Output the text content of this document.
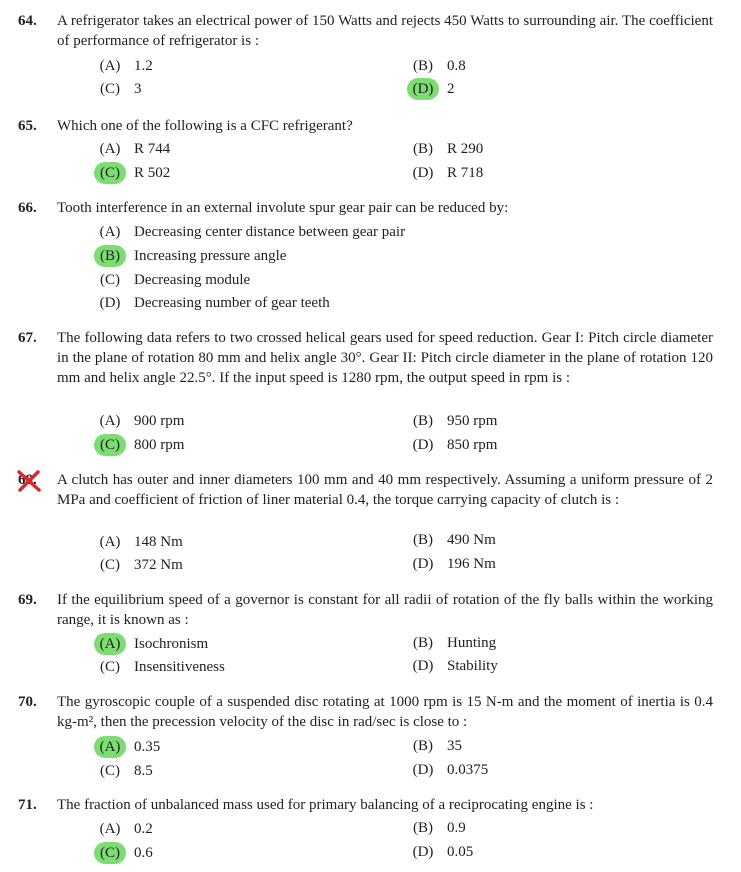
64. A refrigerator takes an electrical power of 150 Watts and rejects 450 Watts to surrounding air. The coefficient of performance of refrigerator is :
(A) 1.2	(B) 0.8
(C) 3	(D) 2
65. Which one of the following is a CFC refrigerant?
(A) R 744	(B) R 290
(C) R 502	(D) R 718
66. Tooth interference in an external involute spur gear pair can be reduced by:
(A) Decreasing center distance between gear pair
(B) Increasing pressure angle
(C) Decreasing module
(D) Decreasing number of gear teeth
67. The following data refers to two crossed helical gears used for speed reduction. Gear I: Pitch circle diameter in the plane of rotation 80 mm and helix angle 30°. Gear II: Pitch circle diameter in the plane of rotation 120 mm and helix angle 22.5°. If the input speed is 1280 rpm, the output speed in rpm is :
(A) 900 rpm	(B) 950 rpm
(C) 800 rpm	(D) 850 rpm
68. A clutch has outer and inner diameters 100 mm and 40 mm respectively. Assuming a uniform pressure of 2 MPa and coefficient of friction of liner material 0.4, the torque carrying capacity of clutch is :
(A) 148 Nm	(B) 490 Nm
(C) 372 Nm	(D) 196 Nm
69. If the equilibrium speed of a governor is constant for all radii of rotation of the fly balls within the working range, it is known as :
(A) Isochronism	(B) Hunting
(C) Insensitiveness	(D) Stability
70. The gyroscopic couple of a suspended disc rotating at 1000 rpm is 15 N-m and the moment of inertia is 0.4 kg-m², then the precession velocity of the disc in rad/sec is close to :
(A) 0.35	(B) 35
(C) 8.5	(D) 0.0375
71. The fraction of unbalanced mass used for primary balancing of a reciprocating engine is :
(A) 0.2	(B) 0.9
(C) 0.6	(D) 0.05
